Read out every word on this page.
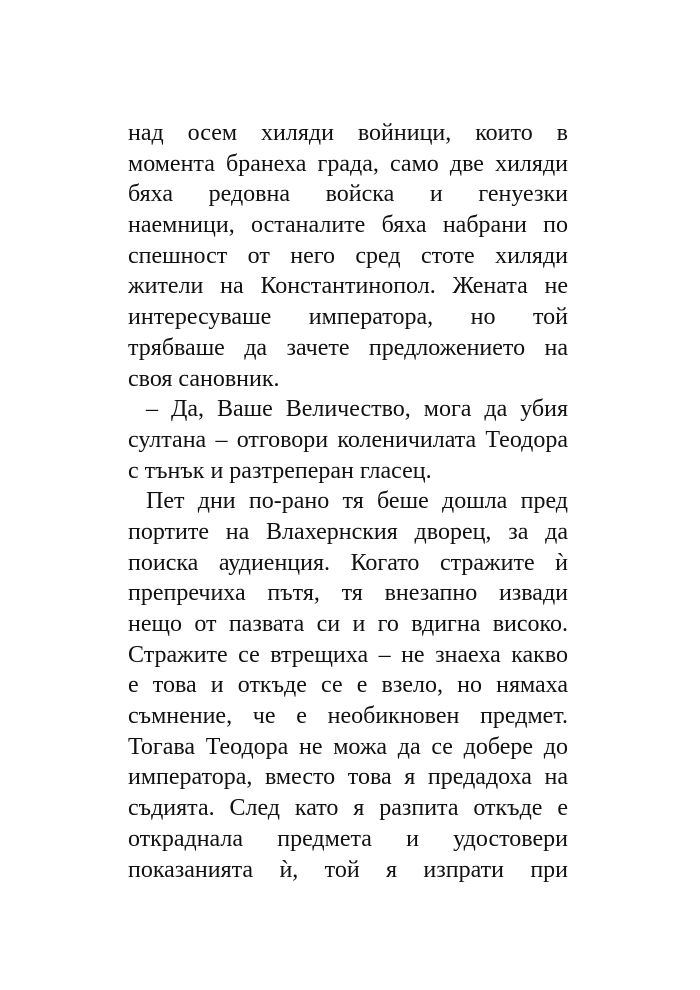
над осем хиляди войници, които в
момента бранеха града, само две хиляди
бяха редовна войска и генуезки
наемници, останалите бяха набрани по
спешност от него сред стоте хиляди
жители на Константинопол. Жената не
интересуваше императора, но той
трябваше да зачете предложението на
своя сановник.
– Да, Ваше Величество, мога да убия
султана – отговори коленичилата Теодора
с тънък и разтреперан гласец.
Пет дни по-рано тя беше дошла пред
портите на Влахернския дворец, за да
поиска аудиенция. Когато стражите ѝ
препречиха пътя, тя внезапно извади
нещо от пазвата си и го вдигна високо.
Стражите се втрещиха – не знаеха какво
е това и откъде се е взело, но нямаха
съмнение, че е необикновен предмет.
Тогава Теодора не можа да се добере до
императора, вместо това я предадоха на
съдията. След като я разпита откъде е
откраднала предмета и удостовери
показанията ѝ, той я изпрати при
